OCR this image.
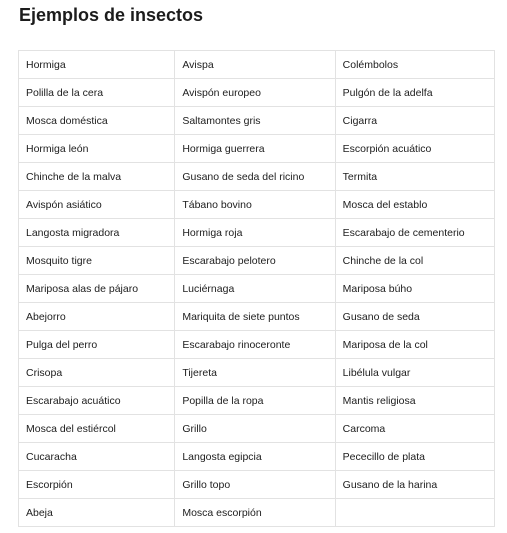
Ejemplos de insectos
Hormiga	Avispa	Colémbolos
Polilla de la cera	Avispón europeo	Pulgón de la adelfa
Mosca doméstica	Saltamontes gris	Cigarra
Hormiga león	Hormiga guerrera	Escorpión acuático
Chinche de la malva	Gusano de seda del ricino	Termita
Avispón asiático	Tábano bovino	Mosca del establo
Langosta migradora	Hormiga roja	Escarabajo de cementerio
Mosquito tigre	Escarabajo pelotero	Chinche de la col
Mariposa alas de pájaro	Luciérnaga	Mariposa búho
Abejorro	Mariquita de siete puntos	Gusano de seda
Pulga del perro	Escarabajo rinoceronte	Mariposa de la col
Crisopa	Tijereta	Libélula vulgar
Escarabajo acuático	Popilla de la ropa	Mantis religiosa
Mosca del estiércol	Grillo	Carcoma
Cucaracha	Langosta egipcia	Pececillo de plata
Escorpión	Grillo topo	Gusano de la harina
Abeja	Mosca escorpión	
